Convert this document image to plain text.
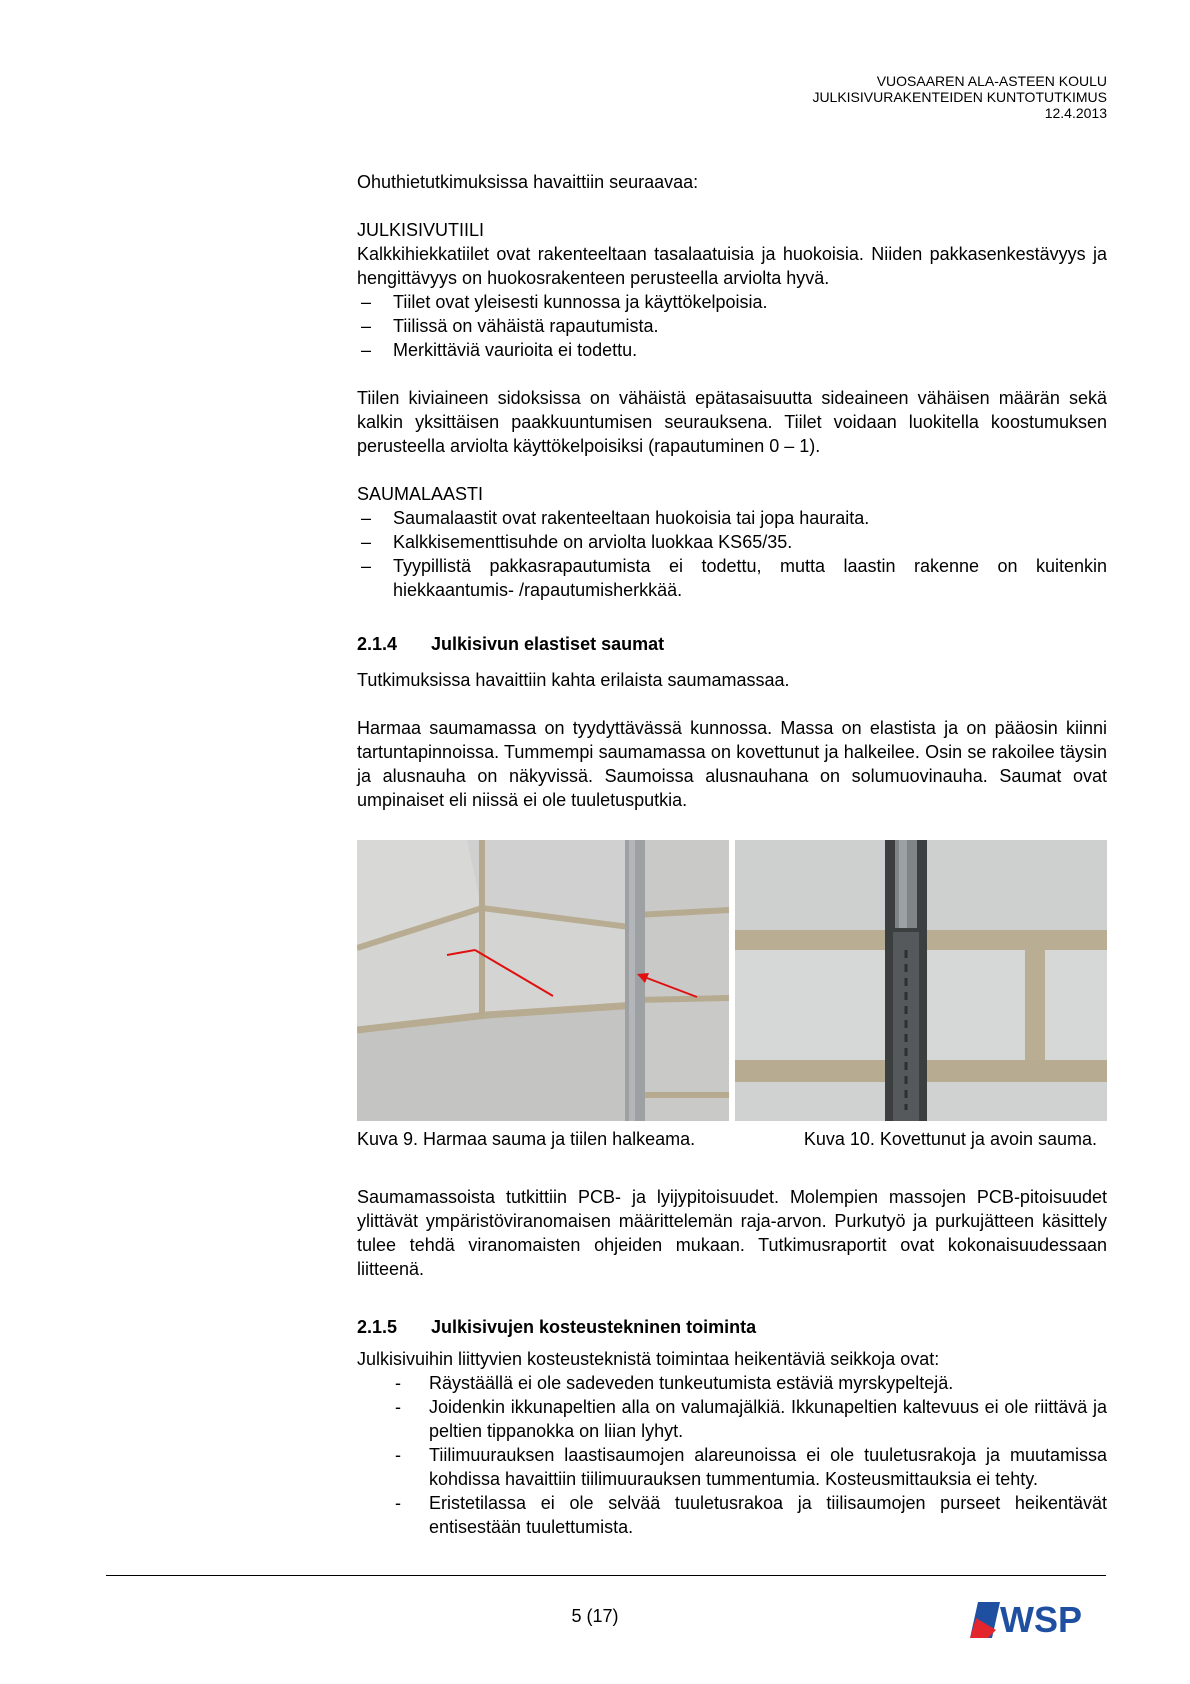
VUOSAAREN ALA-ASTEEN KOULU
JULKISIVURAKENTEIDEN KUNTOTUTKIMUS
12.4.2013

Ohuthietutkimuksissa havaittiin seuraavaa:

JULKISIVUTIILI

Kalkkihiekkatiilet ovat rakenteeltaan tasalaatuisia ja huokoisia. Niiden pakkasenkestävyys ja hengittävyys on huokosrakenteen perusteella arviolta hyvä.

– Tiilet ovat yleisesti kunnossa ja käyttökelpoisia.
– Tiilissä on vähäistä rapautumista.
– Merkittäviä vaurioita ei todettu.

Tiilen kiviaineen sidoksissa on vähäistä epätasaisuutta sideaineen vähäisen määrän sekä kalkin yksittäisen paakkuuntumisen seurauksena. Tiilet voidaan luokitella koostumuksen perusteella arviolta käyttökelpoisiksi (rapautuminen 0 – 1).

SAUMALAASTI

– Saumalaastit ovat rakenteeltaan huokoisia tai jopa hauraita.
– Kalkkisementtisuhde on arviolta luokkaa KS65/35.
– Tyypillistä pakkasrapautumista ei todettu, mutta laastin rakenne on kuitenkin hiekkaantumis- /rapautumisherkkää.
2.1.4 Julkisivun elastiset saumat

Tutkimuksissa havaittiin kahta erilaista saumamassaa.

Harmaa saumamassa on tyydyttävässä kunnossa. Massa on elastista ja on pääosin kiinni tartuntapinnoissa. Tummempi saumamassa on kovettunut ja halkeilee. Osin se rakoilee täysin ja alusnauha on näkyvissä. Saumoissa alusnauhana on solumuovinauha. Saumat ovat umpinaiset eli niissä ei ole tuuletusputkia.

Kuva 9. Harmaa sauma ja tiilen halkeama.	Kuva 10. Kovettunut ja avoin sauma.

Saumamassoista tutkittiin PCB- ja lyijypitoisuudet. Molempien massojen PCB-pitoisuudet ylittävät ympäristöviranomaisen määrittelemän raja-arvon. Purkutyö ja purkujätteen käsittely tulee tehdä viranomaisten ohjeiden mukaan. Tutkimusraportit ovat kokonaisuudessaan liitteenä.

2.1.5 Julkisivujen kosteustekninen toiminta

Julkisivuihin liittyvien kosteusteknistä toimintaa heikentäviä seikkoja ovat:

- Räystäällä ei ole sadeveden tunkeutumista estäviä myrskypeltejä.
- Joidenkin ikkunapeltien alla on valumajälkiä. Ikkunapeltien kaltevuus ei ole riittävä ja peltien tippanokka on liian lyhyt.
- Tiilimuurauksen laastisaumojen alareunoissa ei ole tuuletusrakoja ja muutamissa kohdissa havaittiin tiilimuurauksen tummentumia. Kosteusmittauksia ei tehty.
- Eristetilassa ei ole selvää tuuletusrakoa ja tiilisaumojen purseet heikentävät entisestään tuulettumista.
5 (17)	WSP
